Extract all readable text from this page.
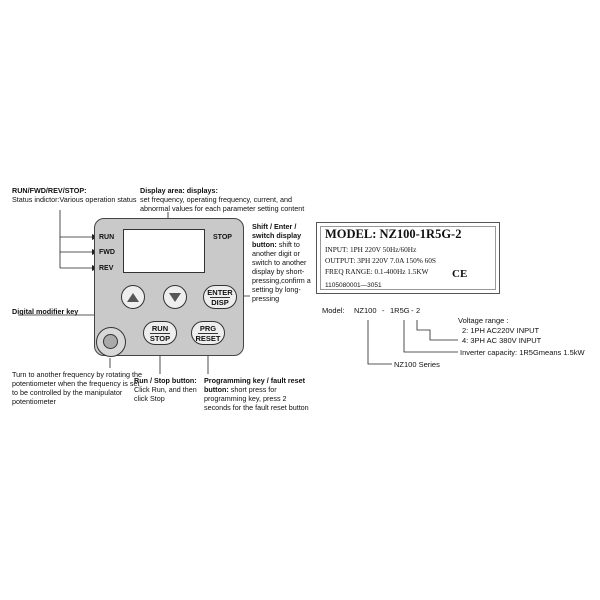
RUN/FWD/REV/STOP:
Status indictor:Various operation status
Display area: displays:
set frequency, operating frequency, current, and abnormal values for each parameter setting content
Shift / Enter / switch display button: shift to another digit or switch to another display by short-pressing,confirm a setting by long-pressing
Digital modifier key
Turn to another frequency by rotating the potentiometer when the frequency is set to be controlled by the manipulator potentiometer
Run / Stop button: Click Run, and then click Stop
Programming key / fault reset button: short press for programming key, press 2 seconds for the fault reset button
RUN
FWD
REV
STOP
ENTER
DISP
RUN
STOP
PRG
RESET
MODEL: NZ100-1R5G-2
INPUT: 1PH 220V 50Hz/60Hz
OUTPUT: 3PH 220V 7.0A 150% 60S
FREQ RANGE: 0.1-400Hz 1.5KW CE
1105080001—3051
Model: NZ100 - 1R5G - 2
Voltage range :
2: 1PH AC220V INPUT
4: 3PH AC 380V INPUT
Inverter capacity: 1R5Gmeans 1.5kW
NZ100 Series
